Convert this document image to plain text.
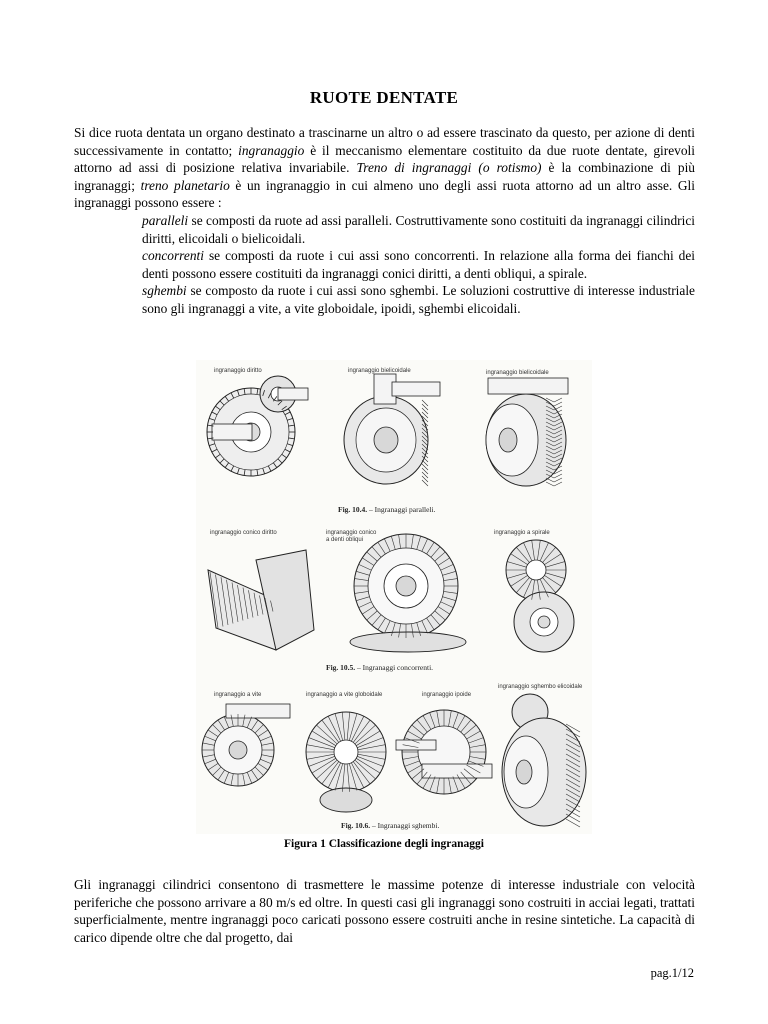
RUOTE DENTATE

Si dice ruota dentata un organo destinato a trascinarne un altro o ad essere trascinato da questo, per azione di denti successivamente in contatto; ingranaggio è il meccanismo elementare costituito da due ruote dentate, girevoli attorno ad assi di posizione relativa invariabile. Treno di ingranaggi (o rotismo) è la combinazione di più ingranaggi; treno planetario è un ingranaggio in cui almeno uno degli assi ruota attorno ad un altro asse. Gli ingranaggi possono essere :

paralleli se composti da ruote ad assi paralleli. Costruttivamente sono costituiti da ingranaggi cilindrici diritti, elicoidali o bielicoidali.
concorrenti se composti da ruote i cui assi sono concorrenti. In relazione alla forma dei fianchi dei denti possono essere costituiti da ingranaggi conici diritti, a denti obliqui, a spirale.
sghembi se composto da ruote i cui assi sono sghembi. Le soluzioni costruttive di interesse industriale sono gli ingranaggi a vite, a vite globoidale, ipoidi, sghembi elicoidali.
ingranaggio diritto	ingranaggio bielicoidale	ingranaggio bielicoidale
Fig. 10.4. – Ingranaggi paralleli.
ingranaggio conico diritto	ingranaggio conico
a denti obliqui
ingranaggio a spirale
Fig. 10.5. – Ingranaggi concorrenti.
ingranaggio a vite	ingranaggio a vite globoidale	ingranaggio ipoide
ingranaggio sghembo elicoidale
Fig. 10.6. – Ingranaggi sghembi.
Figura 1 Classificazione degli ingranaggi

Gli ingranaggi cilindrici consentono di trasmettere le massime potenze di interesse industriale con velocità periferiche che possono arrivare a 80 m/s ed oltre. In questi casi gli ingranaggi sono costruiti in acciai legati, trattati superficialmente, mentre ingranaggi poco caricati possono essere costruiti anche in resine sintetiche. La capacità di carico dipende oltre che dal progetto, dai

pag.1/12
